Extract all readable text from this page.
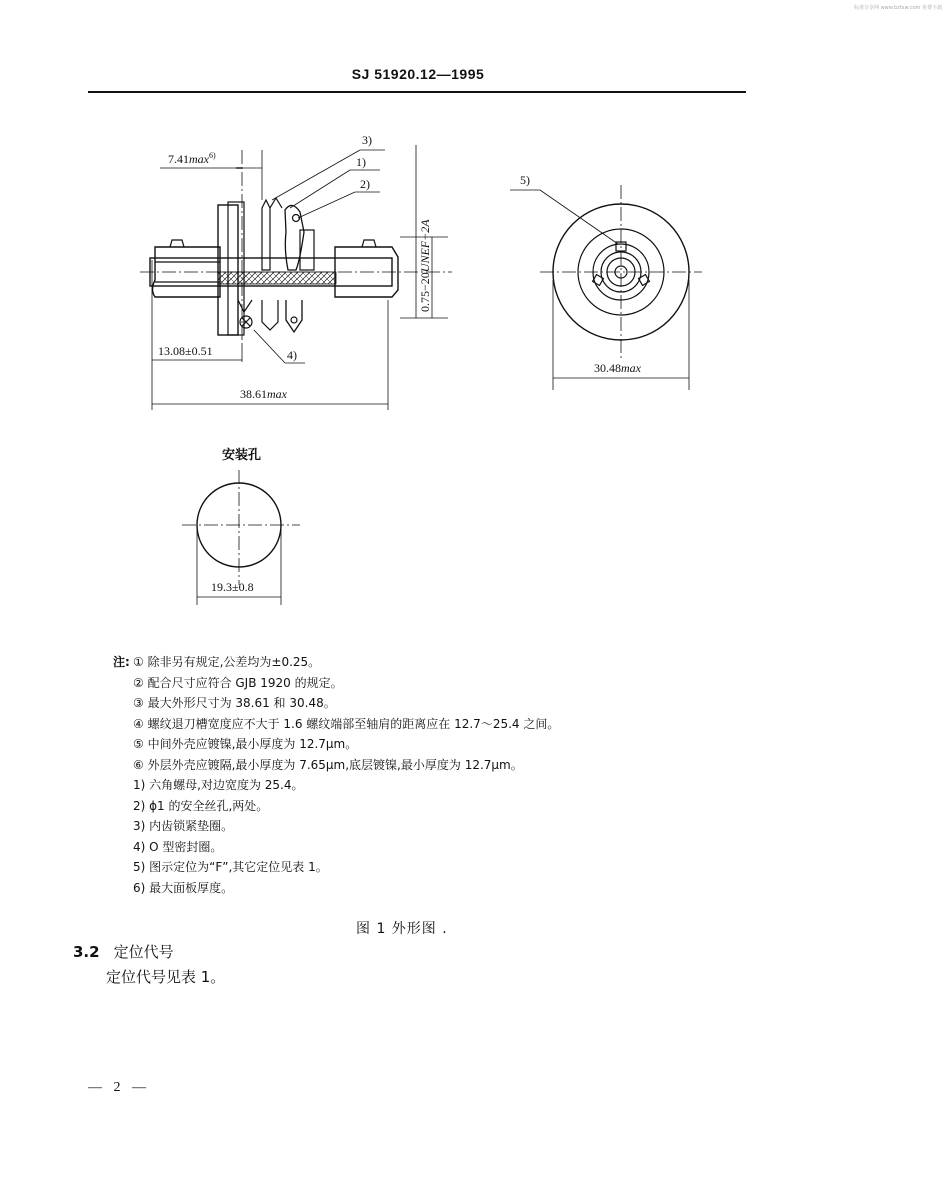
标准分享网 www.bzfxw.com 免费下载
SJ 51920.12—1995
$7.41\max^{6)}$
3)
1)
2)
4)
0.75−20UNEF−2A
13.08±0.51
38.61max
5)
30.48max
安装孔
19.3±0.8
注: ① 除非另有规定,公差均为±0.25。
② 配合尺寸应符合 GJB 1920 的规定。
③ 最大外形尺寸为 38.61 和 30.48。
④ 螺纹退刀槽宽度应不大于 1.6 螺纹端部至轴肩的距离应在 12.7～25.4 之间。
⑤ 中间外壳应镀镍,最小厚度为 12.7μm。
⑥ 外层外壳应镀隔,最小厚度为 7.65μm,底层镀镍,最小厚度为 12.7μm。
1) 六角螺母,对边宽度为 25.4。
2) ϕ1 的安全丝孔,两处。
3) 内齿锁紧垫圈。
4) O 型密封圈。
5) 图示定位为“F”,其它定位见表 1。
6) 最大面板厚度。
图 1 外形图 .
3.2 定位代号
定位代号见表 1。
— 2 —
